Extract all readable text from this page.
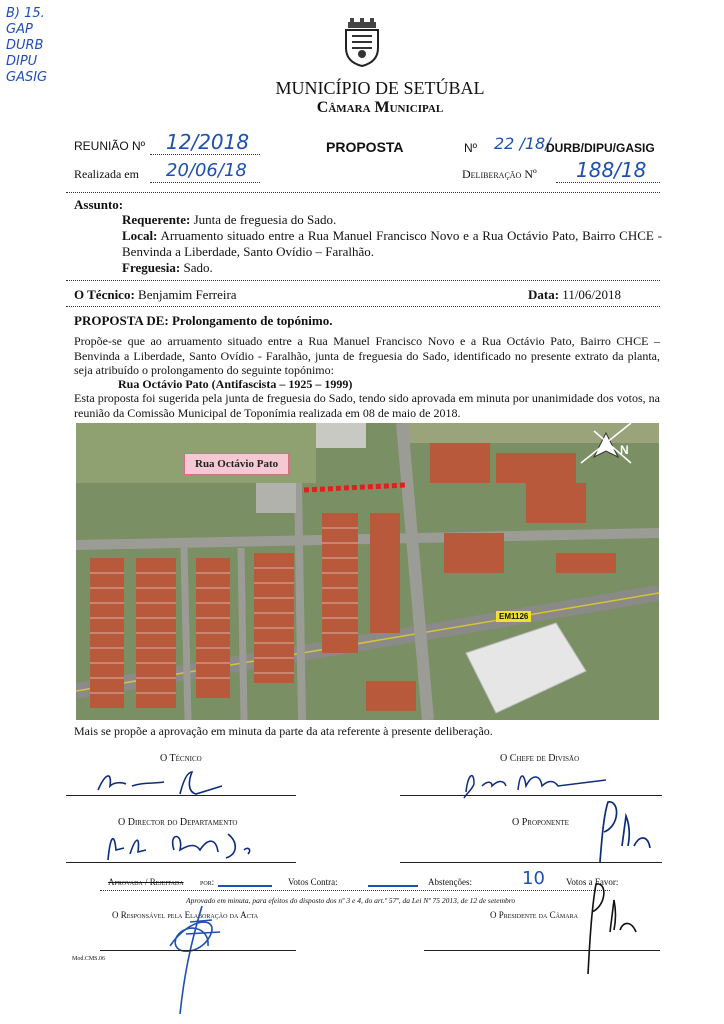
B) 15.
GAP
DURB
DIPU
GASIG
MUNICÍPIO DE SETÚBAL
Câmara Municipal
REUNIÃO Nº 12/2018
Realizada em 20/06/18
PROPOSTA	Nº 22 /18/
DURB/DIPU/GASIG
Deliberação Nº 188/18
Assunto:
Requerente: Junta de freguesia do Sado.
Local: Arruamento situado entre a Rua Manuel Francisco Novo e a Rua Octávio Pato, Bairro CHCE - Benvinda a Liberdade, Santo Ovídio – Faralhão.
Freguesia: Sado.
O Técnico: Benjamim Ferreira	Data: 11/06/2018
PROPOSTA DE: Prolongamento de topónimo.
Propõe-se que ao arruamento situado entre a Rua Manuel Francisco Novo e a Rua Octávio Pato, Bairro CHCE – Benvinda a Liberdade, Santo Ovídio - Faralhão, junta de freguesia do Sado, identificado no presente extrato da planta, seja atribuído o prolongamento do seguinte topónimo:
Rua Octávio Pato (Antifascista – 1925 – 1999)
Esta proposta foi sugerida pela junta de freguesia do Sado, tendo sido aprovada em minuta por unanimidade dos votos, na reunião da Comissão Municipal de Toponímia realizada em 08 de maio de 2018.
Rua Octávio Pato
EM1126
N
Mais se propõe a aprovação em minuta da parte da ata referente à presente deliberação.
O Técnico	O Chefe de Divisão
O Director do Departamento	O Proponente
Aprovada / Rejeitada por:	Votos Contra:	Abstenções:	10 Votos a Favor:
Aprovado em minuta, para efeitos do disposto dos nº 3 e 4, do art.º 57º, da Lei Nº 75 2013, de 12 de setembro
O Responsável pela Elaboração da Acta	O Presidente da Câmara
Mod.CMS.06
